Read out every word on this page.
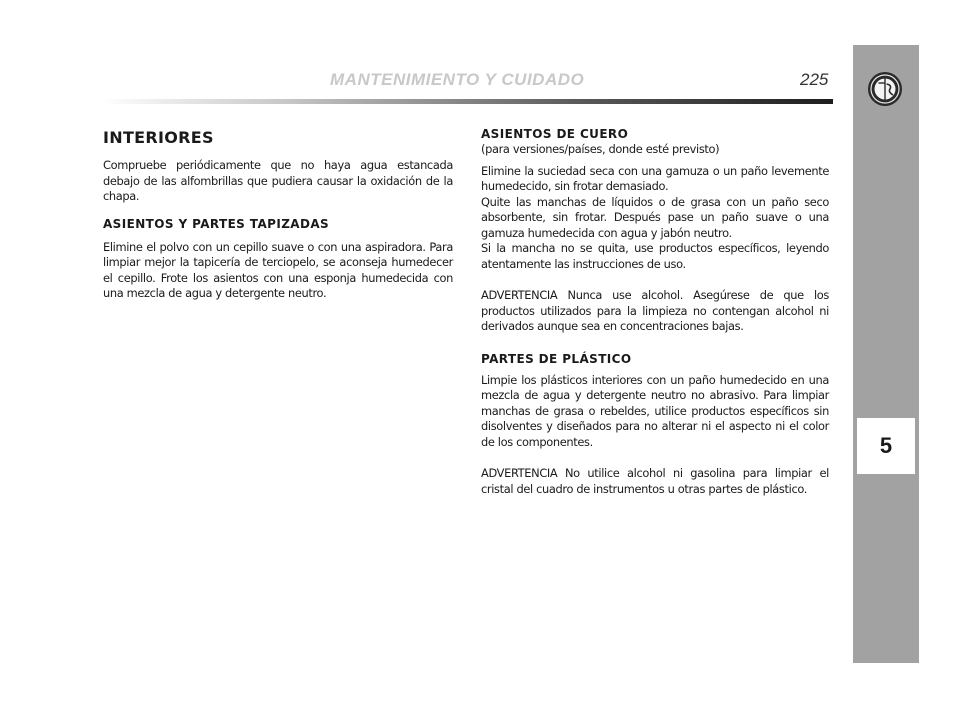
MANTENIMIENTO Y CUIDADO	225
5
INTERIORES

Compruebe periódicamente que no haya agua estancada debajo de las alfombrillas que pudiera causar la oxidación de la chapa.

ASIENTOS Y PARTES TAPIZADAS

Elimine el polvo con un cepillo suave o con una aspiradora. Para limpiar mejor la tapicería de terciopelo, se aconseja humedecer el cepillo. Frote los asientos con una esponja humedecida con una mezcla de agua y detergente neutro.

ASIENTOS DE CUERO

(para versiones/países, donde esté previsto)

Elimine la suciedad seca con una gamuza o un paño levemente humedecido, sin frotar demasiado.

Quite las manchas de líquidos o de grasa con un paño seco absorbente, sin frotar. Después pase un paño suave o una gamuza humedecida con agua y jabón neutro.

Si la mancha no se quita, use productos específicos, leyendo atentamente las instrucciones de uso.

ADVERTENCIA Nunca use alcohol. Asegúrese de que los productos utilizados para la limpieza no contengan alcohol ni derivados aunque sea en concentraciones bajas.

PARTES DE PLÁSTICO

Limpie los plásticos interiores con un paño humedecido en una mezcla de agua y detergente neutro no abrasivo. Para limpiar manchas de grasa o rebeldes, utilice productos específicos sin disolventes y diseñados para no alterar ni el aspecto ni el color de los componentes.

ADVERTENCIA No utilice alcohol ni gasolina para limpiar el cristal del cuadro de instrumentos u otras partes de plástico.
